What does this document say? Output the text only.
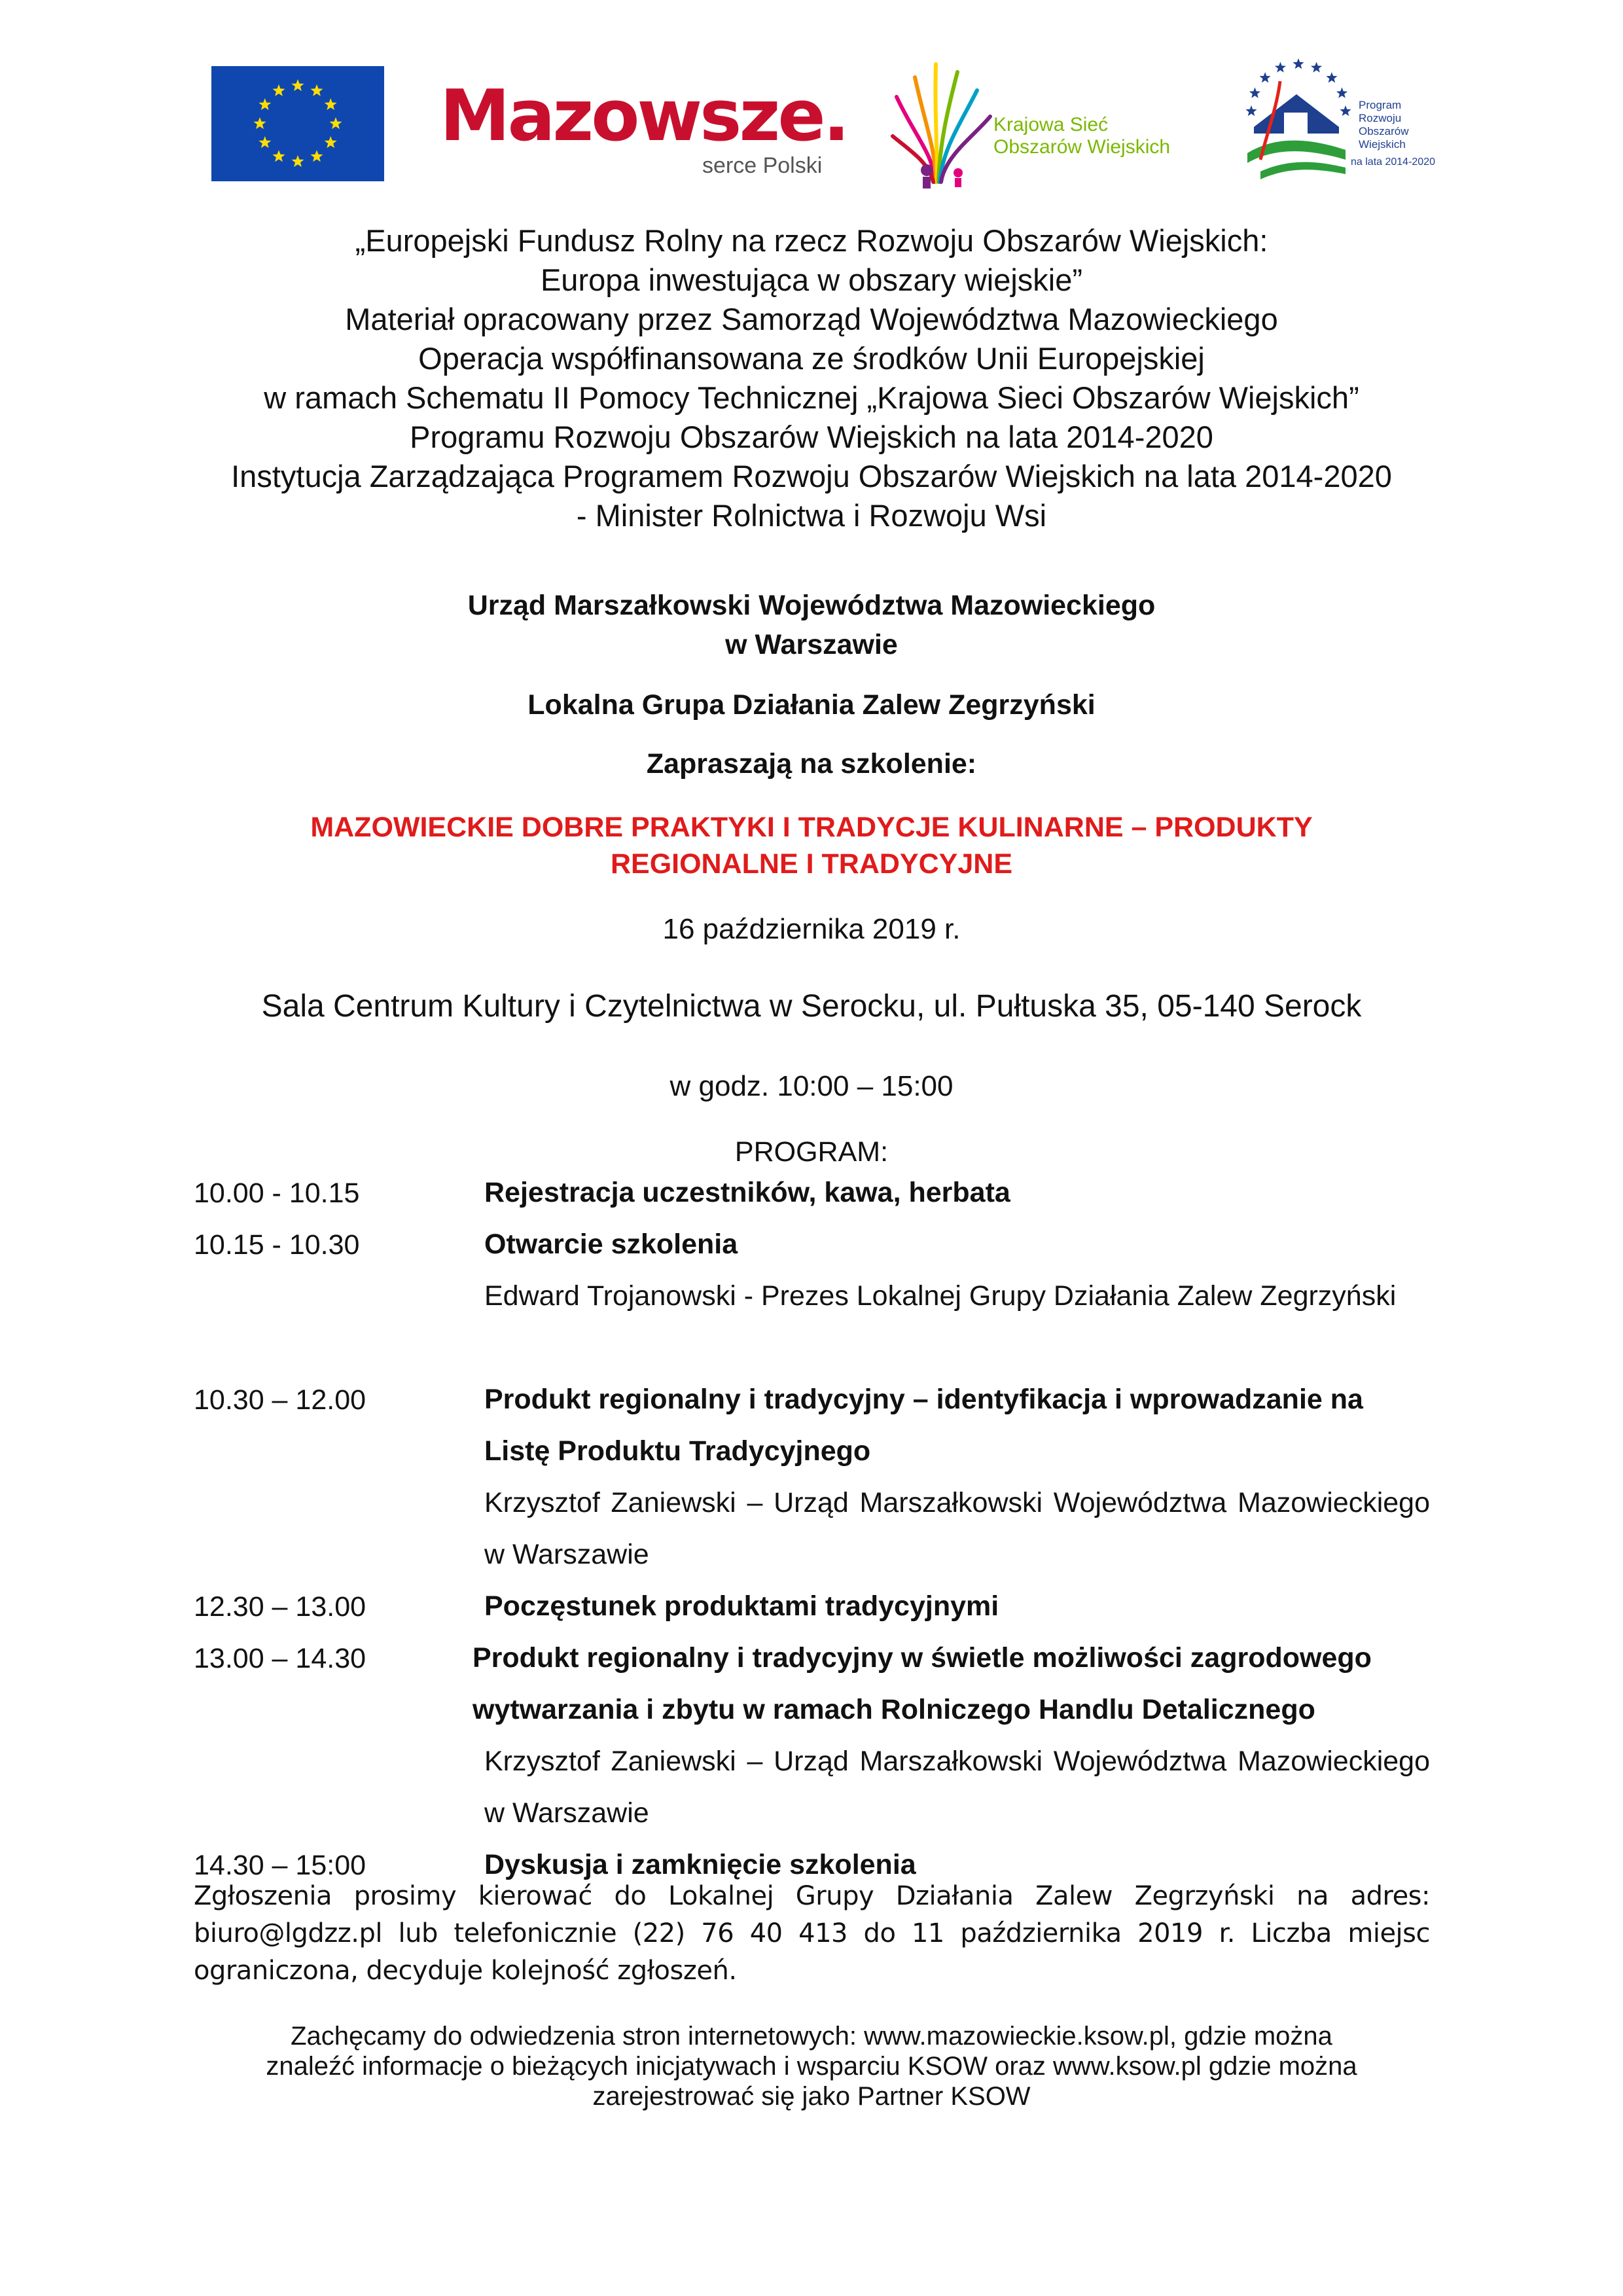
Mazowsze.
serce Polski
Krajowa Sieć
Obszarów Wiejskich
Program
Rozwoju
Obszarów
Wiejskich
na lata 2014-2020
„Europejski Fundusz Rolny na rzecz Rozwoju Obszarów Wiejskich:
Europa inwestująca w obszary wiejskie”
Materiał opracowany przez Samorząd Województwa Mazowieckiego
Operacja współfinansowana ze środków Unii Europejskiej
w ramach Schematu II Pomocy Technicznej „Krajowa Sieci Obszarów Wiejskich”
Programu Rozwoju Obszarów Wiejskich na lata 2014-2020
Instytucja Zarządzająca Programem Rozwoju Obszarów Wiejskich na lata 2014-2020
- Minister Rolnictwa i Rozwoju Wsi
Urząd Marszałkowski Województwa Mazowieckiego
w Warszawie
Lokalna Grupa Działania Zalew Zegrzyński
Zapraszają na szkolenie:
MAZOWIECKIE DOBRE PRAKTYKI I TRADYCJE KULINARNE – PRODUKTY
REGIONALNE I TRADYCYJNE
16 października 2019 r.
Sala Centrum Kultury i Czytelnictwa w Serocku, ul. Pułtuska 35, 05-140 Serock
w godz. 10:00 – 15:00
PROGRAM:
10.00 - 10.15	Rejestracja uczestników, kawa, herbata
10.15 - 10.30	Otwarcie szkolenia
Edward Trojanowski - Prezes Lokalnej Grupy Działania Zalew Zegrzyński
10.30 – 12.00	Produkt regionalny i tradycyjny – identyfikacja i wprowadzanie na Listę Produktu Tradycyjnego
Krzysztof Zaniewski – Urząd Marszałkowski Województwa Mazowieckiego w Warszawie
12.30 – 13.00	Poczęstunek produktami tradycyjnymi
13.00 – 14.30	Produkt regionalny i tradycyjny w świetle możliwości zagrodowego wytwarzania i zbytu w ramach Rolniczego Handlu Detalicznego
Krzysztof Zaniewski – Urząd Marszałkowski Województwa Mazowieckiego w Warszawie
14.30 – 15:00	Dyskusja i zamknięcie szkolenia
Zgłoszenia prosimy kierować do Lokalnej Grupy Działania Zalew Zegrzyński na adres: biuro@lgdzz.pl lub telefonicznie (22) 76 40 413 do 11 października 2019 r. Liczba miejsc ograniczona, decyduje kolejność zgłoszeń.
Zachęcamy do odwiedzenia stron internetowych: www.mazowieckie.ksow.pl, gdzie można
znaleźć informacje o bieżących inicjatywach i wsparciu KSOW oraz www.ksow.pl gdzie można
zarejestrować się jako Partner KSOW
